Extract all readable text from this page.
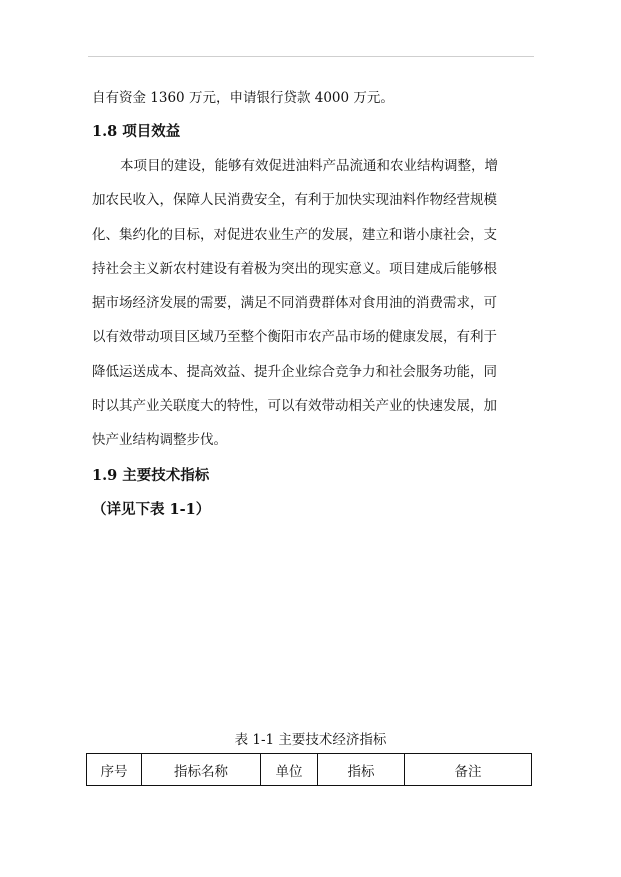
自有资金 1360 万元，申请银行贷款 4000 万元。
1.8 项目效益
本项目的建设，能够有效促进油料产品流通和农业结构调整，增
加农民收入，保障人民消费安全，有利于加快实现油料作物经营规模
化、集约化的目标，对促进农业生产的发展，建立和谐小康社会，支
持社会主义新农村建设有着极为突出的现实意义。项目建成后能够根
据市场经济发展的需要，满足不同消费群体对食用油的消费需求，可
以有效带动项目区域乃至整个衡阳市农产品市场的健康发展，有利于
降低运送成本、提高效益、提升企业综合竞争力和社会服务功能，同
时以其产业关联度大的特性，可以有效带动相关产业的快速发展，加
快产业结构调整步伐。
1.9 主要技术指标
（详见下表 1-1）
表 1-1 主要技术经济指标
序号	指标名称	单位	指标	备注
